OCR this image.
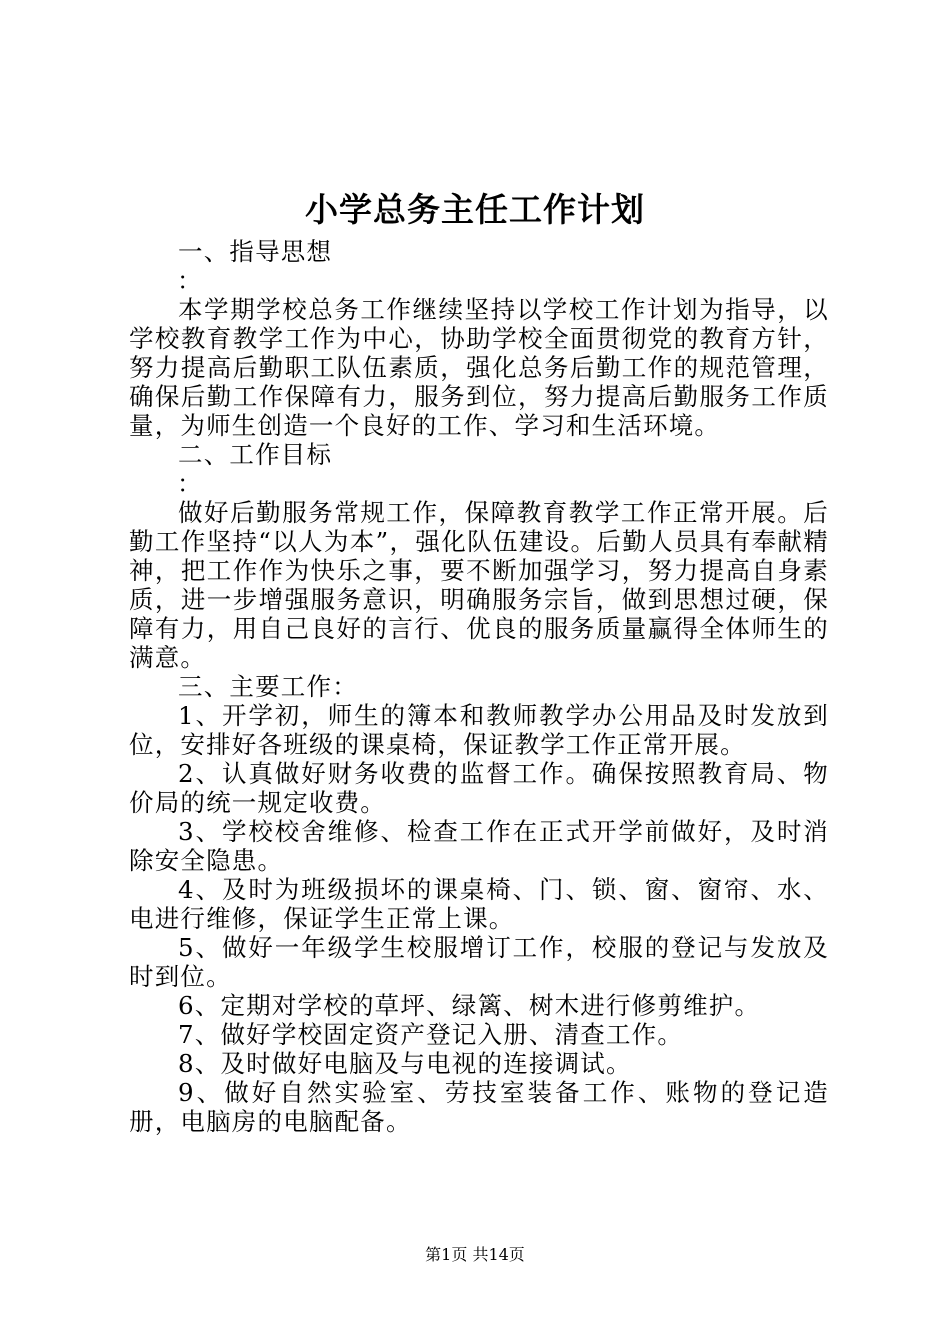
小学总务主任工作计划

一、指导思想

：

本学期学校总务工作继续坚持以学校工作计划为指导，以学校教育教学工作为中心，协助学校全面贯彻党的教育方针，努力提高后勤职工队伍素质，强化总务后勤工作的规范管理，确保后勤工作保障有力，服务到位，努力提高后勤服务工作质量，为师生创造一个良好的工作、学习和生活环境。

二、工作目标

：

做好后勤服务常规工作，保障教育教学工作正常开展。后勤工作坚持“以人为本”，强化队伍建设。后勤人员具有奉献精神，把工作作为快乐之事，要不断加强学习，努力提高自身素质，进一步增强服务意识，明确服务宗旨，做到思想过硬，保障有力，用自己良好的言行、优良的服务质量赢得全体师生的满意。

三、主要工作：

1、开学初，师生的簿本和教师教学办公用品及时发放到位，安排好各班级的课桌椅，保证教学工作正常开展。

2、认真做好财务收费的监督工作。确保按照教育局、物价局的统一规定收费。

3、学校校舍维修、检查工作在正式开学前做好，及时消除安全隐患。

4、及时为班级损坏的课桌椅、门、锁、窗、窗帘、水、电进行维修，保证学生正常上课。

5、做好一年级学生校服增订工作，校服的登记与发放及时到位。

6、定期对学校的草坪、绿篱、树木进行修剪维护。

7、做好学校固定资产登记入册、清查工作。

8、及时做好电脑及与电视的连接调试。

9、做好自然实验室、劳技室装备工作、账物的登记造册，电脑房的电脑配备。

第1页 共14页
